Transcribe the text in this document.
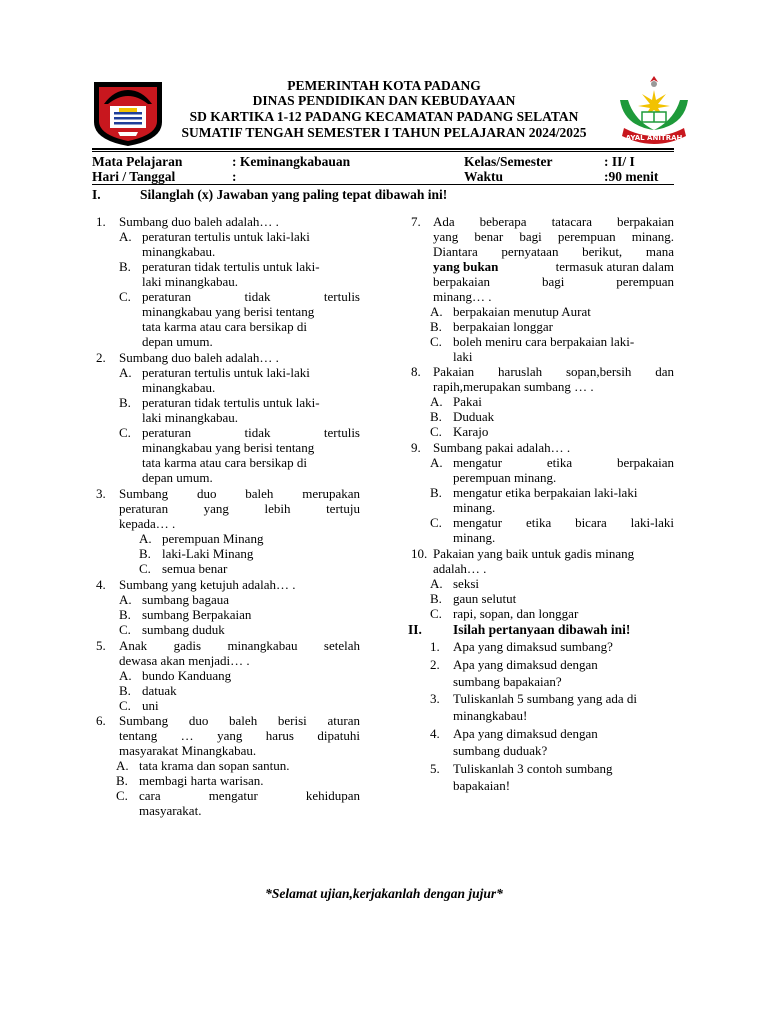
AYAL ANITRAH
PEMERINTAH KOTA PADANG
DINAS PENDIDIKAN DAN KEBUDAYAAN
SD KARTIKA 1-12 PADANG KECAMATAN PADANG SELATAN
SUMATIF TENGAH SEMESTER I TAHUN PELAJARAN 2024/2025
Mata Pelajaran	: Keminangkabauan	Kelas/Semester	: II/ I
Hari / Tanggal	:	Waktu	:90 menit
I.	Silanglah (x) Jawaban yang paling tepat dibawah ini!
1. Sumbang duo baleh adalah… .
A. peraturan tertulis untuk laki-laki
minangkabau.
B. peraturan tidak tertulis untuk laki-
laki minangkabau.
C. peraturan tidak tertulis
minangkabau yang berisi tentang
tata karma atau cara bersikap di
depan umum.
2. Sumbang duo baleh adalah… .
A. peraturan tertulis untuk laki-laki
minangkabau.
B. peraturan tidak tertulis untuk laki-
laki minangkabau.
C. peraturan tidak tertulis
minangkabau yang berisi tentang
tata karma atau cara bersikap di
depan umum.
3. Sumbang duo baleh merupakan
peraturan yang lebih tertuju
kepada… .
A. perempuan Minang
B. laki-Laki Minang
C. semua benar
4. Sumbang yang ketujuh adalah… .
A. sumbang bagaua
B. sumbang Berpakaian
C. sumbang duduk
5. Anak gadis minangkabau setelah
dewasa akan menjadi… .
A. bundo Kanduang
B. datuak
C. uni
6. Sumbang duo baleh berisi aturan
tentang … yang harus dipatuhi
masyarakat Minangkabau.
A. tata krama dan sopan santun.
B. membagi harta warisan.
C. cara mengatur kehidupan
masyarakat.
7. Ada beberapa tatacara berpakaian
yang benar bagi perempuan minang.
Diantara pernyataan berikut, mana
yang bukan	termasuk aturan dalam
berpakaian bagi perempuan
minang… .
A. berpakaian menutup Aurat
B. berpakaian longgar
C. boleh meniru cara berpakaian laki-
laki
8. Pakaian haruslah sopan,bersih dan
rapih,merupakan sumbang … .
A. Pakai
B. Duduak
C. Karajo
9. Sumbang pakai adalah… .
A. mengatur etika berpakaian
perempuan minang.
B. mengatur etika berpakaian laki-laki
minang.
C. mengatur etika bicara laki-laki
minang.
10. Pakaian yang baik untuk gadis minang
adalah… .
A. seksi
B. gaun selutut
C. rapi, sopan, dan longgar
II. Isilah pertanyaan dibawah ini!
1. Apa yang dimaksud sumbang?
2. Apa yang dimaksud dengan
sumbang bapakaian?
3. Tuliskanlah 5 sumbang yang ada di
minangkabau!
4. Apa yang dimaksud dengan
sumbang duduak?
5. Tuliskanlah 3 contoh sumbang
bapakaian!
*Selamat ujian,kerjakanlah dengan jujur*
